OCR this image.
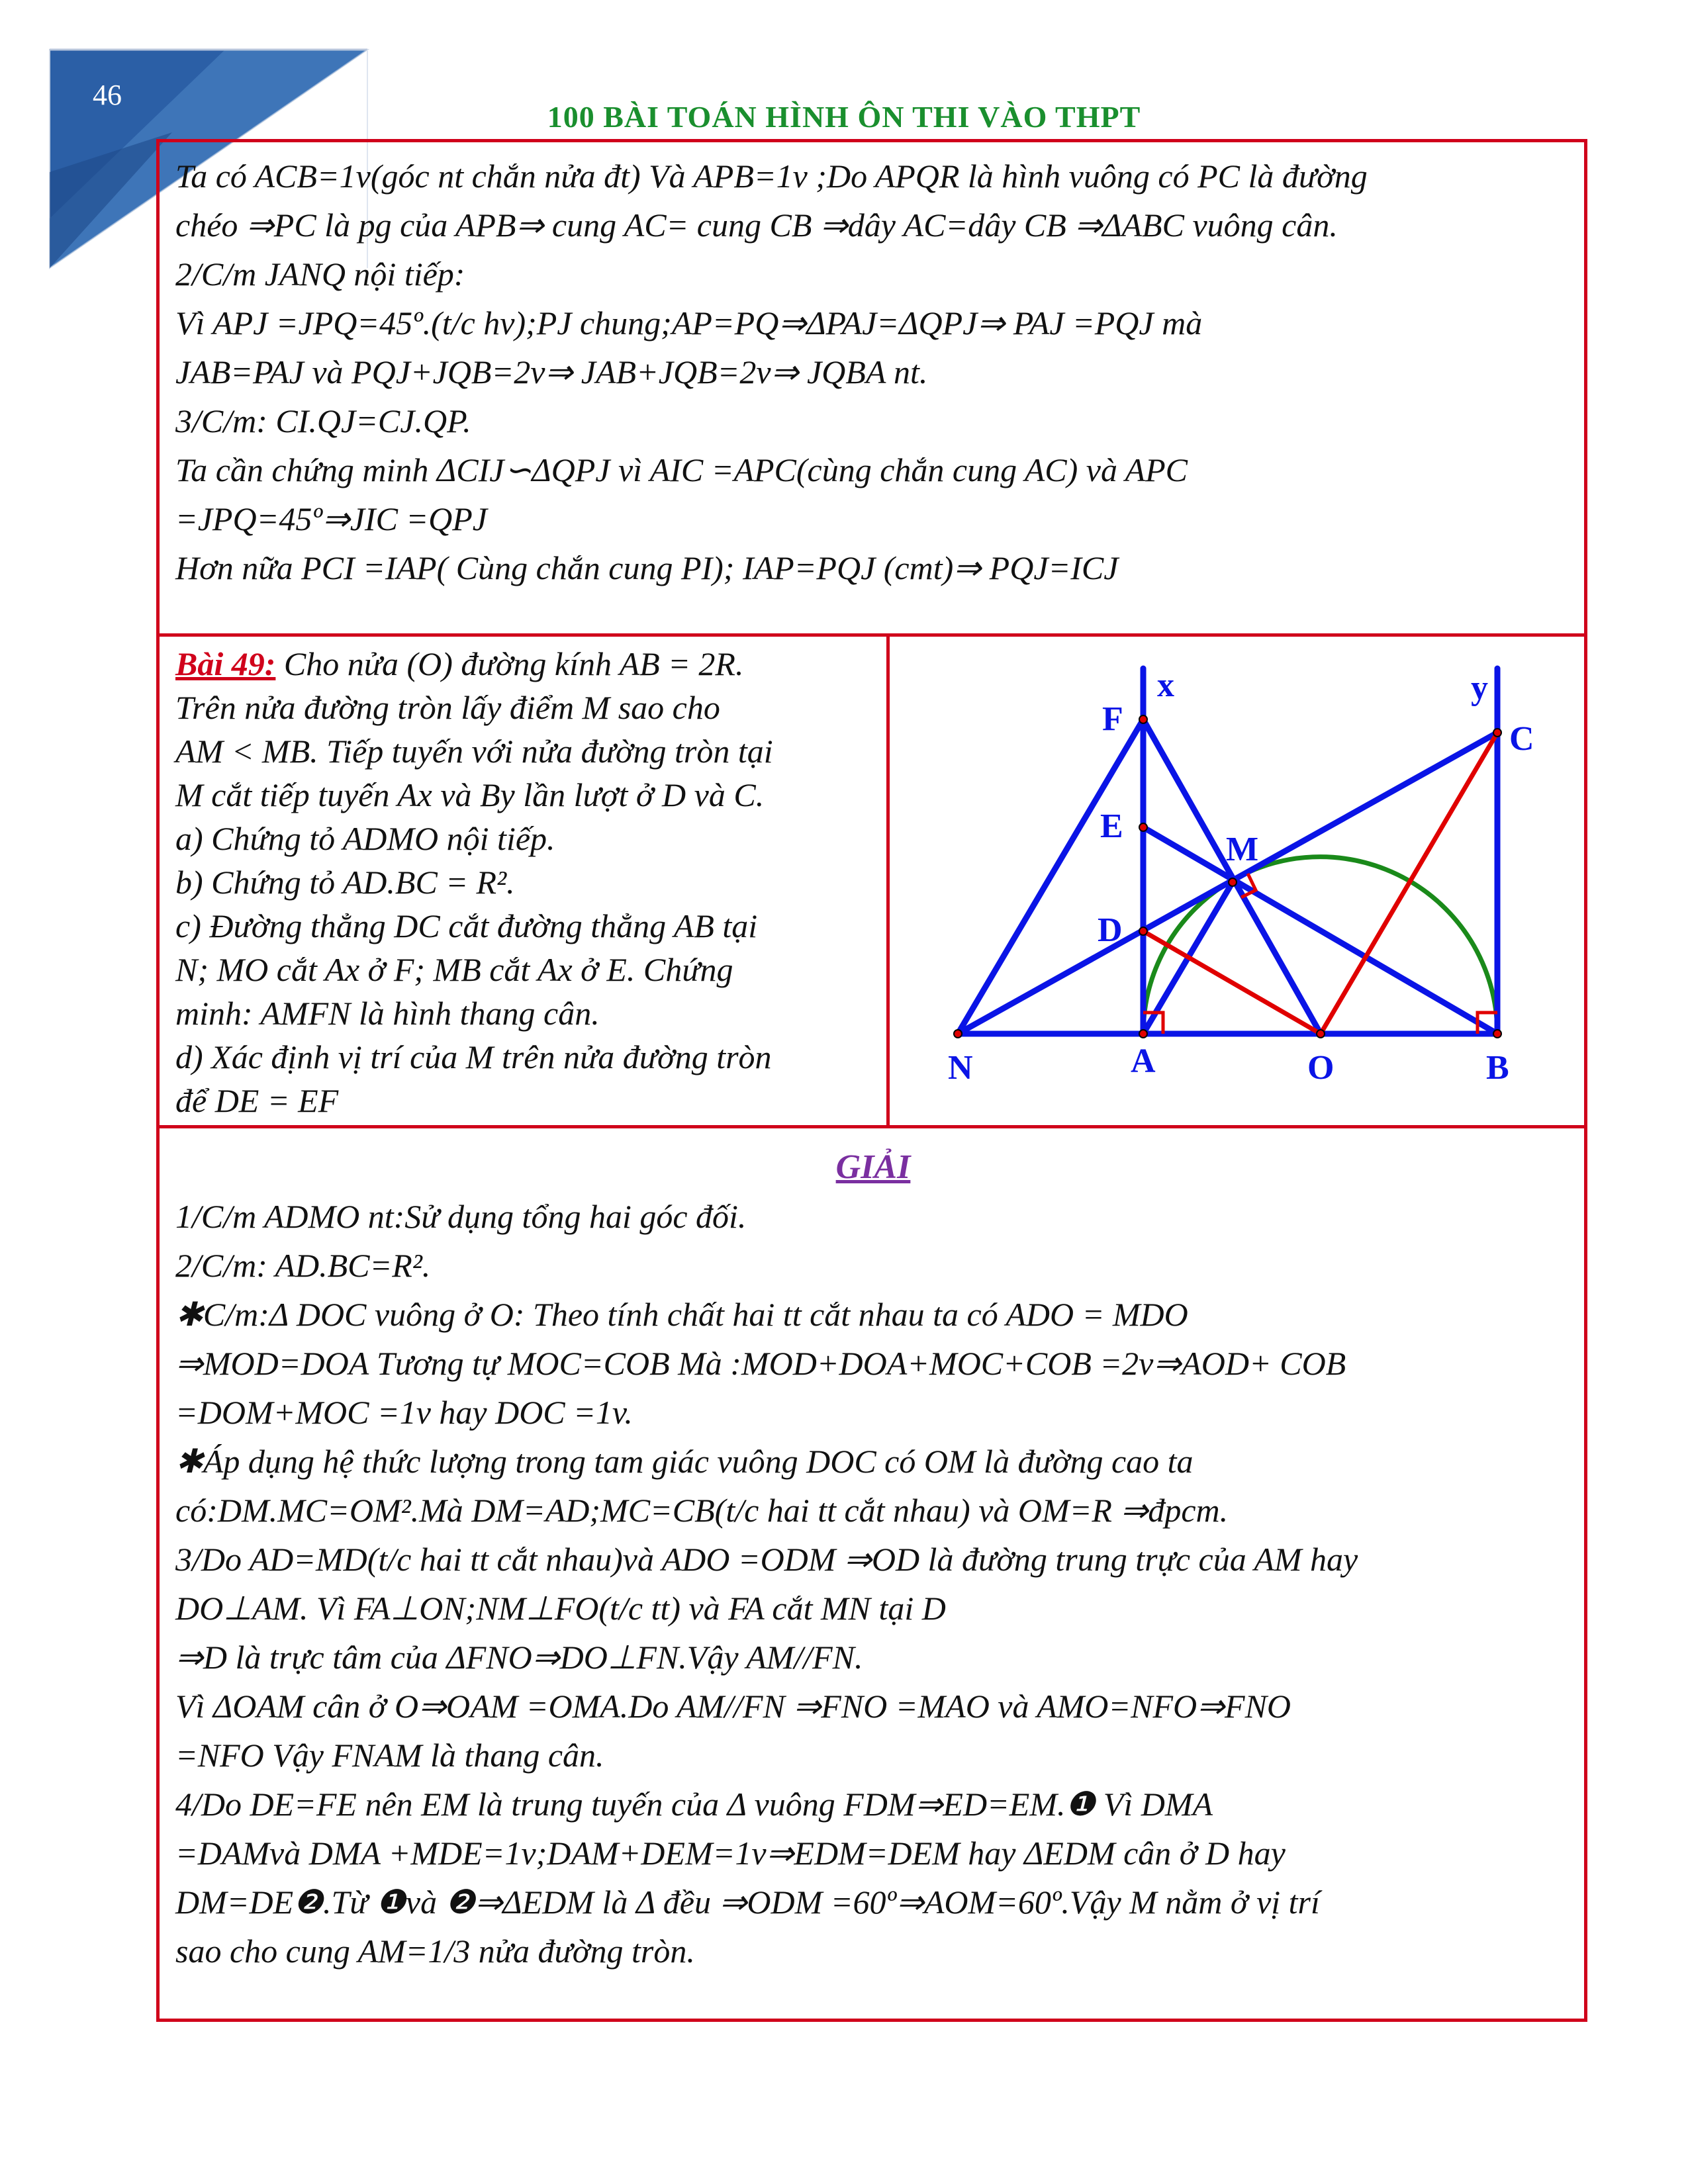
46
100 BÀI TOÁN HÌNH ÔN THI VÀO THPT
Ta có ACB=1v(góc nt chắn nửa đt) Và APB=1v ;Do APQR là hình vuông có PC là đường
chéo ⇒PC là pg của APB⇒ cung AC= cung CB ⇒dây AC=dây CB ⇒ΔABC vuông cân.
2/C/m JANQ nội tiếp:
Vì APJ =JPQ=45º.(t/c hv);PJ chung;AP=PQ⇒ΔPAJ=ΔQPJ⇒ PAJ =PQJ mà
JAB=PAJ và PQJ+JQB=2v⇒ JAB+JQB=2v⇒ JQBA nt.
3/C/m: CI.QJ=CJ.QP.
Ta cần chứng minh ΔCIJ∽ΔQPJ vì AIC =APC(cùng chắn cung AC) và APC
=JPQ=45º⇒JIC =QPJ
Hơn nữa PCI =IAP( Cùng chắn cung PI); IAP=PQJ (cmt)⇒ PQJ=ICJ
Bài 49: Cho nửa (O) đường kính AB = 2R.
Trên nửa đường tròn lấy điểm M sao cho
AM < MB. Tiếp tuyến với nửa đường tròn tại
M cắt tiếp tuyến Ax và By lần lượt ở D và C.
a) Chứng tỏ ADMO nội tiếp.
b) Chứng tỏ AD.BC = R².
c) Đường thẳng DC cắt đường thẳng AB tại
N; MO cắt Ax ở F; MB cắt Ax ở E. Chứng
minh: AMFN là hình thang cân.
d) Xác định vị trí của M trên nửa đường tròn
để DE = EF
F
x	y
C
E
M
D
N	A	O	B
GIẢI
1/C/m ADMO nt:Sử dụng tổng hai góc đối.
2/C/m: AD.BC=R².
✱C/m:Δ DOC vuông ở O: Theo tính chất hai tt cắt nhau ta có ADO = MDO
⇒MOD=DOA Tương tự MOC=COB Mà :MOD+DOA+MOC+COB =2v⇒AOD+ COB
=DOM+MOC =1v hay DOC =1v.
✱Áp dụng hệ thức lượng trong tam giác vuông DOC có OM là đường cao ta
có:DM.MC=OM².Mà DM=AD;MC=CB(t/c hai tt cắt nhau) và OM=R ⇒đpcm.
3/Do AD=MD(t/c hai tt cắt nhau)và ADO =ODM ⇒OD là đường trung trực của AM hay
DO⊥AM. Vì FA⊥ON;NM⊥FO(t/c tt) và FA cắt MN tại D
⇒D là trực tâm của ΔFNO⇒DO⊥FN.Vậy AM//FN.
Vì ΔOAM cân ở O⇒OAM =OMA.Do AM//FN ⇒FNO =MAO và AMO=NFO⇒FNO
=NFO Vậy FNAM là thang cân.
4/Do DE=FE nên EM là trung tuyến của Δ vuông FDM⇒ED=EM.❶ Vì DMA
=DAMvà DMA +MDE=1v;DAM+DEM=1v⇒EDM=DEM hay ΔEDM cân ở D hay
DM=DE❷.Từ ❶và ❷⇒ΔEDM là Δ đều ⇒ODM =60º⇒AOM=60º.Vậy M nằm ở vị trí
sao cho cung AM=1/3 nửa đường tròn.
